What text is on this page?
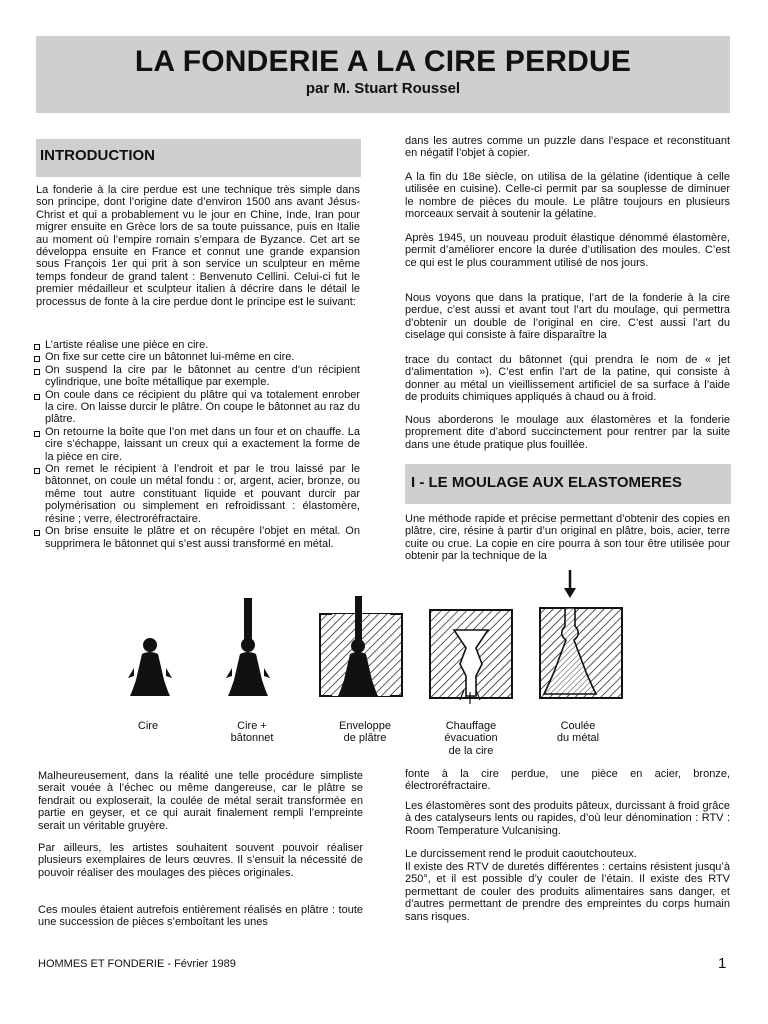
LA FONDERIE A LA CIRE PERDUE
par M. Stuart Roussel
INTRODUCTION

La fonderie à la cire perdue est une technique très simple dans son principe, dont l’origine date d’environ 1500 ans avant Jésus-Christ et qui a probablement vu le jour en Chine, Inde, Iran pour migrer ensuite en Grèce lors de sa toute puissance, puis en Italie au moment où l’empire romain s’empara de Byzance. Cet art se développa ensuite en France et connut une grande expansion sous François 1er qui prit à son service un sculpteur en même temps fondeur de grand talent : Benvenuto Cellini. Celui-ci fut le premier médailleur et sculpteur italien à décrire dans le détail le processus de fonte à la cire perdue dont le principe est le suivant:

L’artiste réalise une pièce en cire.
On fixe sur cette cire un bâtonnet lui-même en cire.
On suspend la cire par le bâtonnet au centre d’un récipient cylindrique, une boîte métallique par exemple.
On coule dans ce récipient du plâtre qui va totalement enrober la cire. On laisse durcir le plâtre. On coupe le bâtonnet au raz du plâtre.
On retourne la boîte que l’on met dans un four et on chauffe. La cire s’échappe, laissant un creux qui a exactement la forme de la pièce en cire.
On remet le récipient à l’endroit et par le trou laissé par le bâtonnet, on coule un métal fondu : or, argent, acier, bronze, ou même tout autre constituant liquide et pouvant durcir par polymérisation ou simplement en refroidissant : élastomère, résine ; verre, électroréfractaire.
On brise ensuite le plâtre et on récupère l’objet en métal. On supprimera le bâtonnet qui s’est aussi transformé en métal.

dans les autres comme un puzzle dans l’espace et reconstituant en négatif l’objet à copier.

A la fin du 18e siècle, on utilisa de la gélatine (identique à celle utilisée en cuisine). Celle-ci permit par sa souplesse de diminuer le nombre de pièces du moule. Le plâtre toujours en plusieurs morceaux servait à soutenir la gélatine.

Après 1945, un nouveau produit élastique dénommé élastomère, permit d’améliorer encore la durée d’utilisation des moules. C’est ce qui est le plus couramment utilisé de nos jours.

Nous voyons que dans la pratique, l’art de la fonderie à la cire perdue, c’est aussi et avant tout l’art du moulage, qui permettra d’obtenir un double de l’original en cire. C’est aussi l’art du ciselage qui consiste à faire disparaître la

trace du contact du bâtonnet (qui prendra le nom de « jet d’alimentation »). C’est enfin l’art de la patine, qui consiste à donner au métal un vieillissement artificiel de sa surface à l’aide de produits chimiques appliqués à chaud ou à froid.

Nous aborderons le moulage aux élastomères et la fonderie proprement dite d’abord succinctement pour rentrer par la suite dans une étude pratique plus fouillée.

I - LE MOULAGE AUX ELASTOMERES

Une méthode rapide et précise permettant d’obtenir des copies en plâtre, cire, résine à partir d’un original en plâtre, bois, acier, terre cuite ou crue. La copie en cire pourra à son tour être utilisée pour obtenir par la technique de la

Cire	Cire +
bâtonnet
Enveloppe
de plâtre
Chauffage
évacuation
de la cire
Coulée
du métal

Malheureusement, dans la réalité une telle procédure simpliste serait vouée à l’échec ou même dangereuse, car le plâtre se fendrait ou exploserait, la coulée de métal serait transformée en partie en geyser, et ce qui aurait finalement rempli l’empreinte serait un véritable gruyère.

Par ailleurs, les artistes souhaitent souvent pouvoir réaliser plusieurs exemplaires de leurs œuvres. Il s’ensuit la nécessité de pouvoir réaliser des moulages des pièces originales.

Ces moules étaient autrefois entièrement réalisés en plâtre : toute une succession de pièces s’emboîtant les unes

fonte à la cire perdue, une pièce en acier, bronze, électroréfractaire.

Les élastomères sont des produits pâteux, durcissant à froid grâce à des catalyseurs lents ou rapides, d’où leur dénomination : RTV : Room Temperature Vulcanising.

Le durcissement rend le produit caoutchouteux.

Il existe des RTV de duretés différentes : certains résistent jusqu’à 250°, et il est possible d’y couler de l’étain. Il existe des RTV permettant de couler des produits alimentaires sans danger, et d’autres permettant de prendre des empreintes du corps humain sans risques.

HOMMES ET FONDERIE - Février 1989	1
